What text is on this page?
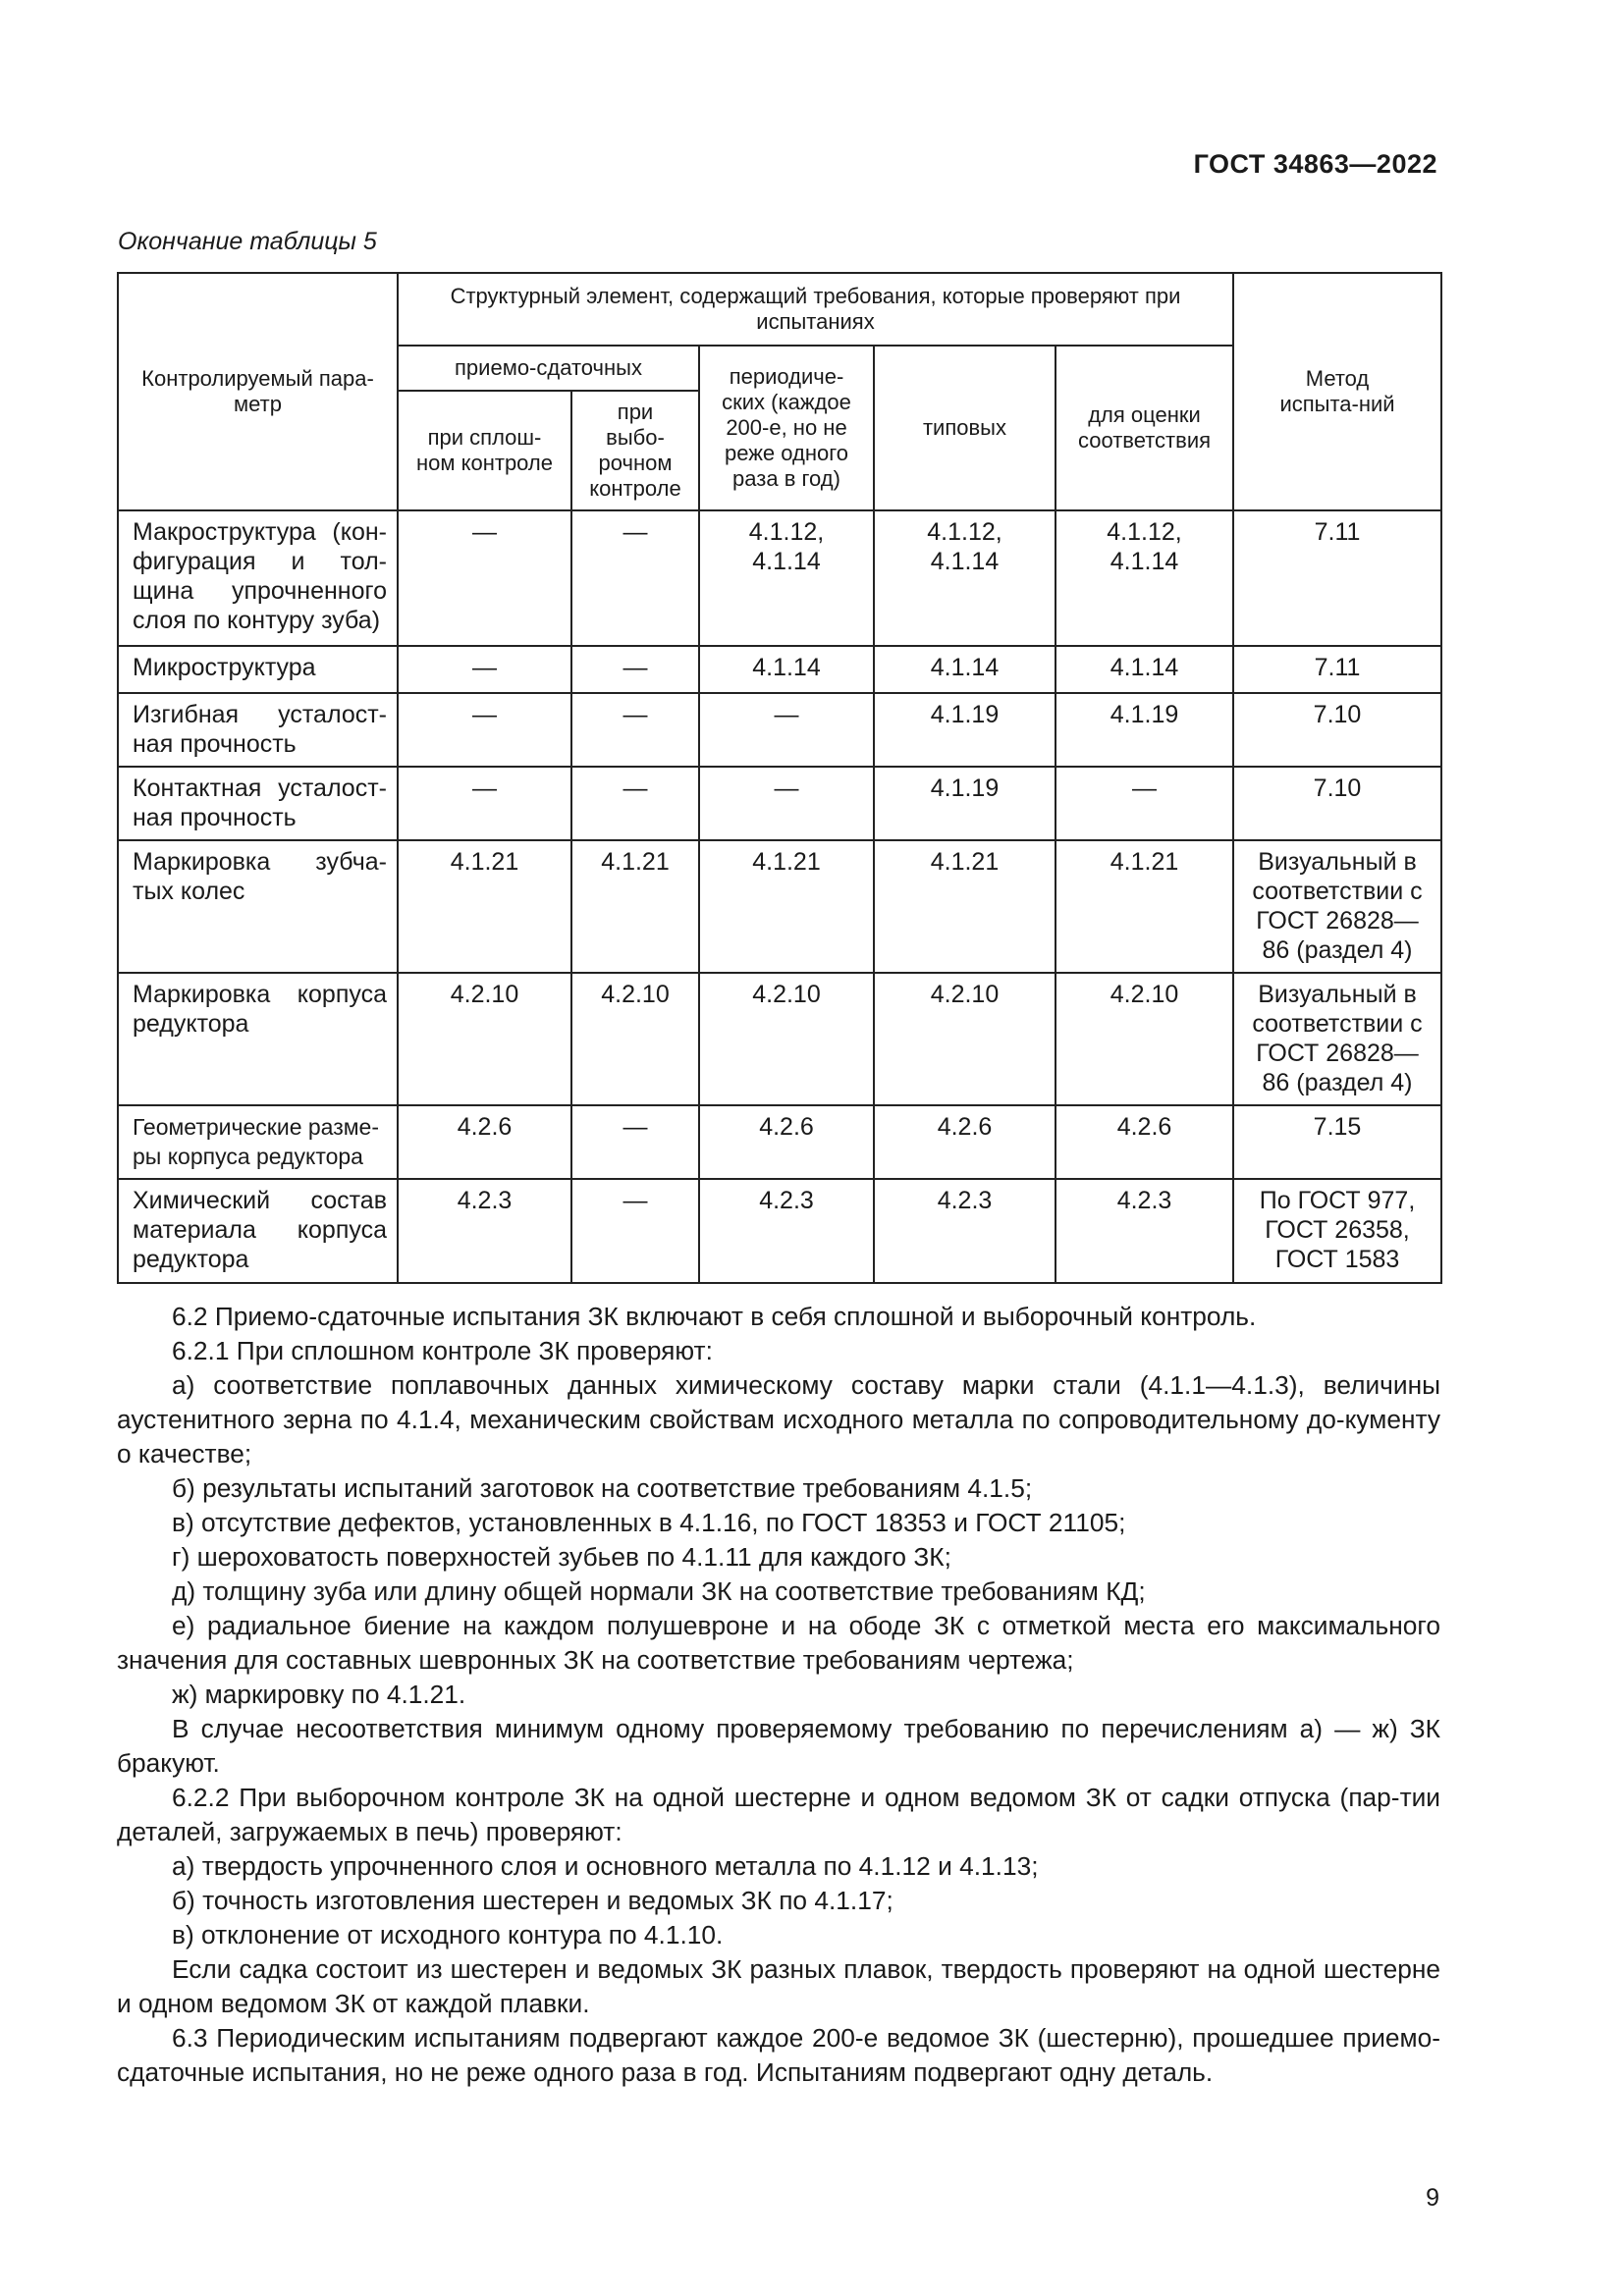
ГОСТ 34863—2022
Окончание таблицы 5
Контролируемый пара-метр	Структурный элемент, содержащий требования, которые проверяют при испытаниях					Метод испыта-ний
	приемо-сдаточных		периодиче-ских (каждое 200-е, но не реже одного раза в год)	типовых	для оценки соответствия	
	при сплош-ном контроле	при выбо-рочном контроле				
Макроструктура (кон-фигурация и тол-щина упрочненного слоя по контуру зуба)	—	—	4.1.12, 4.1.14	4.1.12, 4.1.14	4.1.12, 4.1.14	7.11
Микроструктура	—	—	4.1.14	4.1.14	4.1.14	7.11
Изгибная усталост-ная прочность	—	—	—	4.1.19	4.1.19	7.10
Контактная усталост-ная прочность	—	—	—	4.1.19	—	7.10
Маркировка зубча-тых колес	4.1.21	4.1.21	4.1.21	4.1.21	4.1.21	Визуальный в соответствии с ГОСТ 26828—86 (раздел 4)
Маркировка корпуса редуктора	4.2.10	4.2.10	4.2.10	4.2.10	4.2.10	Визуальный в соответствии с ГОСТ 26828—86 (раздел 4)
Геометрические разме-ры корпуса редуктора	4.2.6	—	4.2.6	4.2.6	4.2.6	7.15
Химический состав материала корпуса редуктора	4.2.3	—	4.2.3	4.2.3	4.2.3	По ГОСТ 977, ГОСТ 26358, ГОСТ 1583

6.2 Приемо-сдаточные испытания ЗК включают в себя сплошной и выборочный контроль.

6.2.1 При сплошном контроле ЗК проверяют:

а) соответствие поплавочных данных химическому составу марки стали (4.1.1—4.1.3), величины аустенитного зерна по 4.1.4, механическим свойствам исходного металла по сопроводительному до-кументу о качестве;

б) результаты испытаний заготовок на соответствие требованиям 4.1.5;

в) отсутствие дефектов, установленных в 4.1.16, по ГОСТ 18353 и ГОСТ 21105;

г) шероховатость поверхностей зубьев по 4.1.11 для каждого ЗК;

д) толщину зуба или длину общей нормали ЗК на соответствие требованиям КД;

е) радиальное биение на каждом полушевроне и на ободе ЗК с отметкой места его максимального значения для составных шевронных ЗК на соответствие требованиям чертежа;

ж) маркировку по 4.1.21.

В случае несоответствия минимум одному проверяемому требованию по перечислениям а) — ж) ЗК бракуют.

6.2.2 При выборочном контроле ЗК на одной шестерне и одном ведомом ЗК от садки отпуска (пар-тии деталей, загружаемых в печь) проверяют:

а) твердость упрочненного слоя и основного металла по 4.1.12 и 4.1.13;

б) точность изготовления шестерен и ведомых ЗК по 4.1.17;

в) отклонение от исходного контура по 4.1.10.

Если садка состоит из шестерен и ведомых ЗК разных плавок, твердость проверяют на одной шестерне и одном ведомом ЗК от каждой плавки.

6.3 Периодическим испытаниям подвергают каждое 200-е ведомое ЗК (шестерню), прошедшее приемо-сдаточные испытания, но не реже одного раза в год. Испытаниям подвергают одну деталь.

9
